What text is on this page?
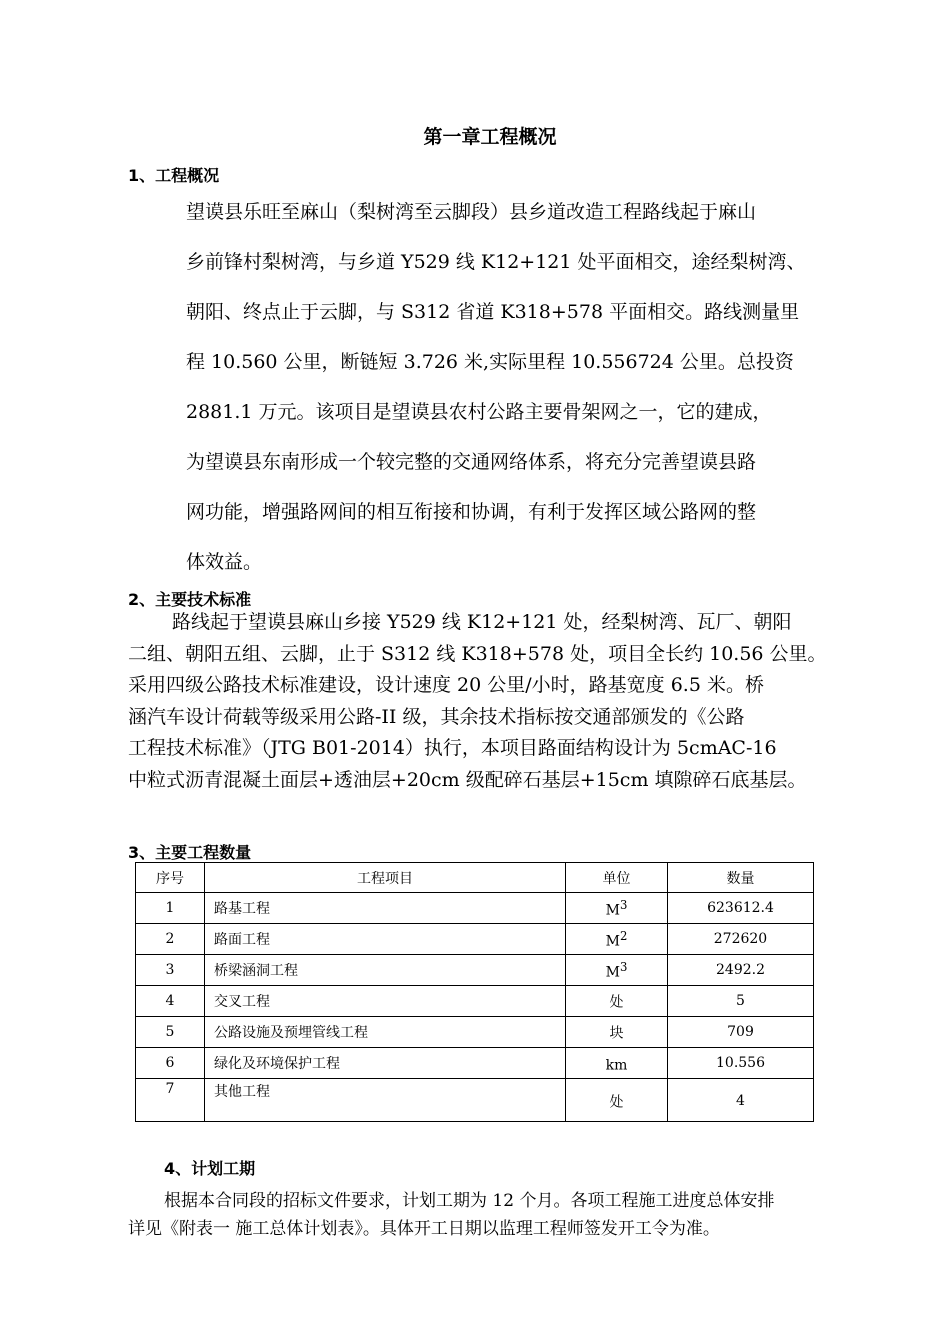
第一章工程概况
1、工程概况
望谟县乐旺至麻山（梨树湾至云脚段）县乡道改造工程路线起于麻山
乡前锋村梨树湾，与乡道 Y529 线 K12+121 处平面相交，途经梨树湾、
朝阳、终点止于云脚，与 S312 省道 K318+578 平面相交。路线测量里
程 10.560 公里，断链短 3.726 米,实际里程 10.556724 公里。总投资
2881.1 万元。该项目是望谟县农村公路主要骨架网之一，它的建成，
为望谟县东南形成一个较完整的交通网络体系，将充分完善望谟县路
网功能，增强路网间的相互衔接和协调，有利于发挥区域公路网的整
体效益。
2、主要技术标准
路线起于望谟县麻山乡接 Y529 线 K12+121 处，经梨树湾、瓦厂、朝阳
二组、朝阳五组、云脚，止于 S312 线 K318+578 处，项目全长约 10.56 公里。
采用四级公路技术标准建设，设计速度 20 公里/小时，路基宽度 6.5 米。桥
涵汽车设计荷载等级采用公路-II 级，其余技术指标按交通部颁发的《公路
工程技术标准》（JTG B01-2014）执行，本项目路面结构设计为 5cmAC-16
中粒式沥青混凝土面层+透油层+20cm 级配碎石基层+15cm 填隙碎石底基层。
3、主要工程数量
序号	工程项目	单位	数量
1	路基工程	$M^3$	623612.4
2	路面工程	$M^2$	272620
3	桥梁涵洞工程	$M^3$	2492.2
4	交叉工程	处	5
5	公路设施及预埋管线工程	块	709
6	绿化及环境保护工程	km	10.556
7	其他工程	处	4
4、计划工期
根据本合同段的招标文件要求，计划工期为 12 个月。各项工程施工进度总体安排
详见《附表一 施工总体计划表》。具体开工日期以监理工程师签发开工令为准。
